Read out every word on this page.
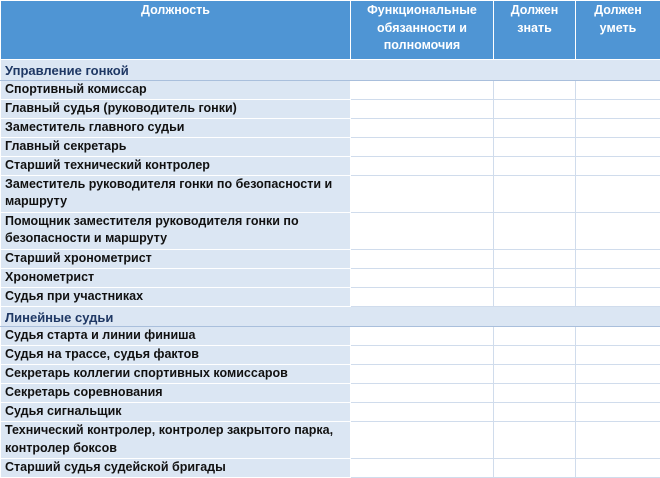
Должность	Функциональные обязанности и полномочия	Должен знать	Должен уметь
Управление гонкой			
Спортивный комиссар			
Главный судья (руководитель гонки)			
Заместитель главного судьи			
Главный секретарь			
Старший технический контролер			
Заместитель руководителя гонки по безопасности и маршруту			
Помощник заместителя руководителя гонки по безопасности и маршруту			
Старший хронометрист			
Хронометрист			
Судья при участниках			
Линейные судьи			
Судья старта и линии финиша			
Судья на трассе, судья фактов			
Секретарь коллегии спортивных комиссаров			
Секретарь соревнования			
Судья сигнальщик			
Технический контролер, контролер закрытого парка, контролер боксов			
Старший судья судейской бригады			
